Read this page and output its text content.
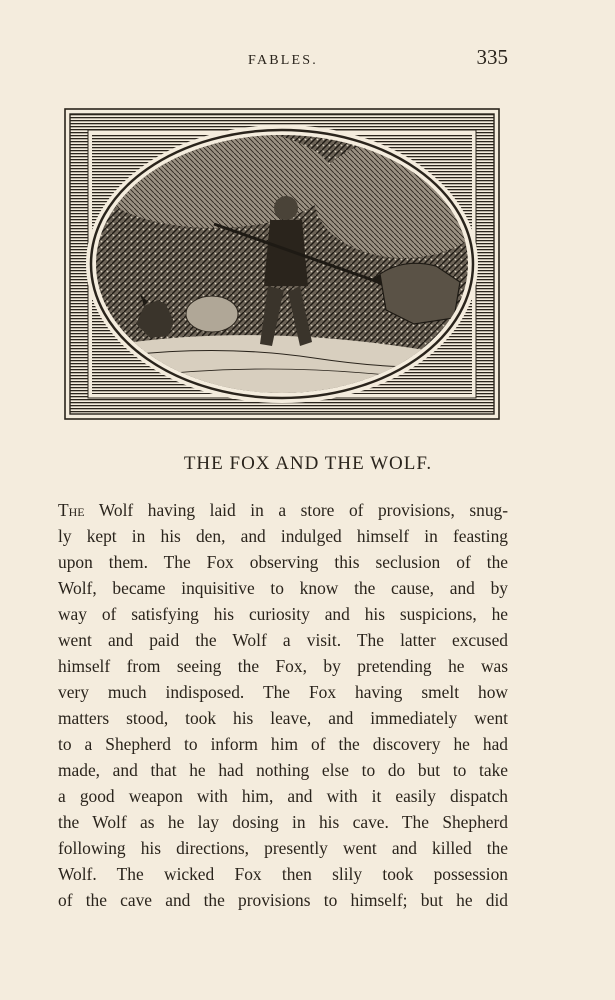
FABLES.	335
THE FOX AND THE WOLF.
The Wolf having laid in a store of provisions, snug-
ly kept in his den, and indulged himself in feasting
upon them. The Fox observing this seclusion of the
Wolf, became inquisitive to know the cause, and by
way of satisfying his curiosity and his suspicions, he
went and paid the Wolf a visit. The latter excused
himself from seeing the Fox, by pretending he was
very much indisposed. The Fox having smelt how
matters stood, took his leave, and immediately went
to a Shepherd to inform him of the discovery he had
made, and that he had nothing else to do but to take
a good weapon with him, and with it easily dispatch
the Wolf as he lay dosing in his cave. The Shepherd
following his directions, presently went and killed the
Wolf. The wicked Fox then slily took possession
of the cave and the provisions to himself; but he did
